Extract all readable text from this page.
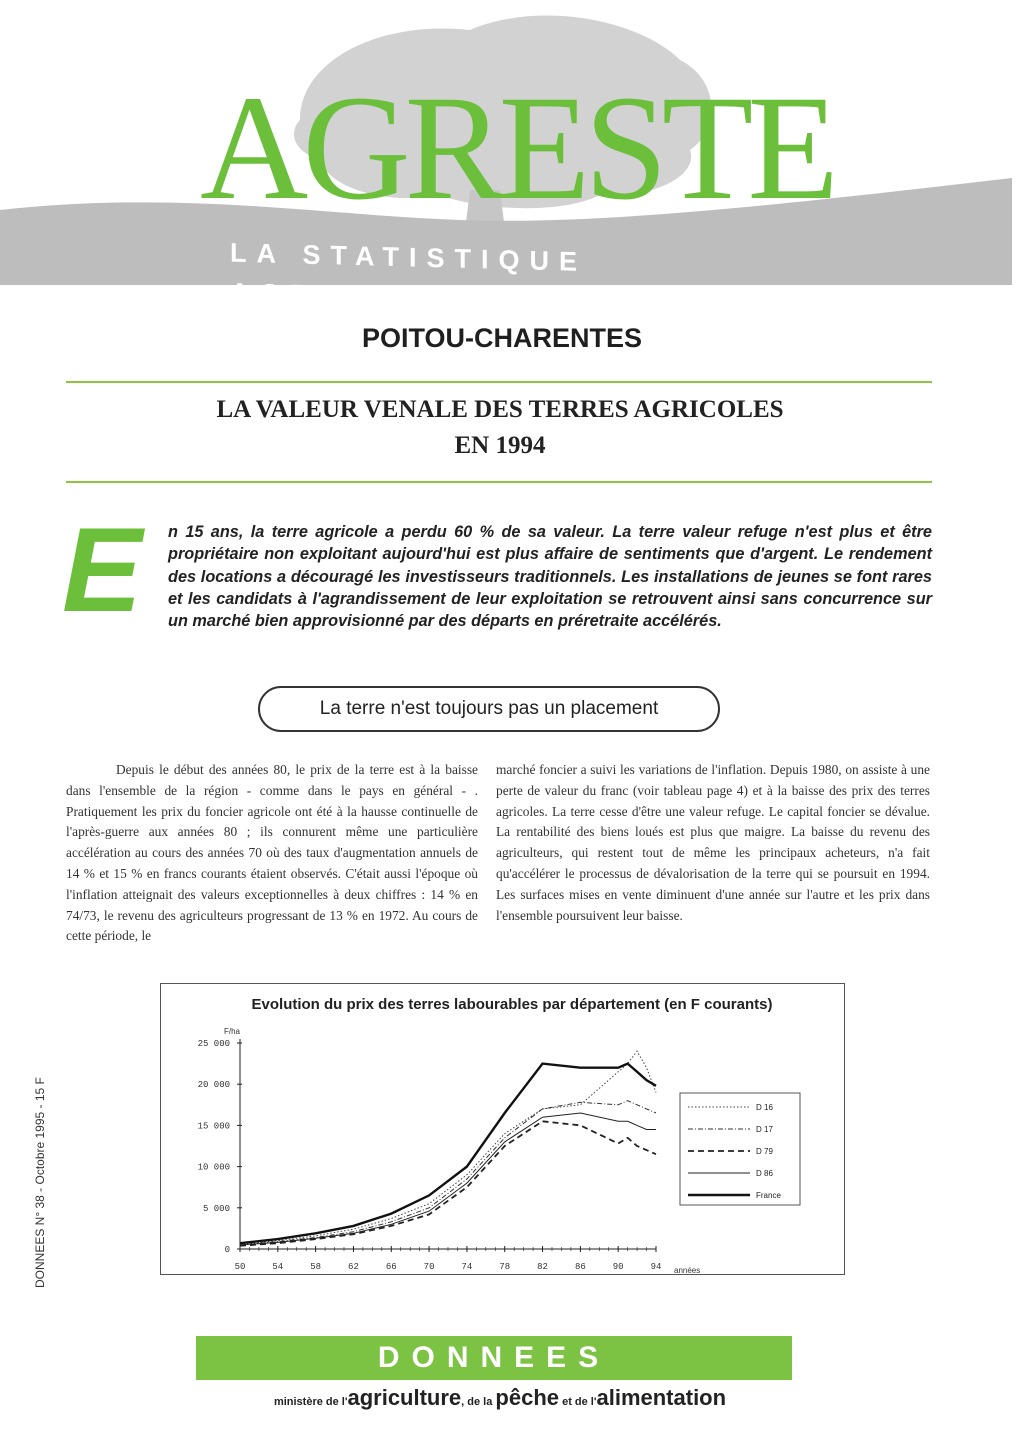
AGRESTE
LA STATISTIQUE AGRICOLE
POITOU-CHARENTES
LA VALEUR VENALE DES TERRES AGRICOLES
EN 1994
E	n 15 ans, la terre agricole a perdu 60 % de sa valeur. La terre valeur refuge n'est plus et être propriétaire non exploitant aujourd'hui est plus affaire de sentiments que d'argent. Le rendement des locations a découragé les investisseurs traditionnels. Les installations de jeunes se font rares et les candidats à l'agrandissement de leur exploitation se retrouvent ainsi sans concurrence sur un marché bien approvisionné par des départs en préretraite accélérés.
La terre n'est toujours pas un placement

Depuis le début des années 80, le prix de la terre est à la baisse dans l'ensemble de la région - comme dans le pays en général - . Pratiquement les prix du foncier agricole ont été à la hausse continuelle de l'après-guerre aux années 80 ; ils connurent même une particulière accélération au cours des années 70 où des taux d'augmentation annuels de 14 % et 15 % en francs courants étaient observés. C'était aussi l'époque où l'inflation atteignait des valeurs exceptionnelles à deux chiffres : 14 % en 74/73, le revenu des agriculteurs progressant de 13 % en 1972. Au cours de cette période, le

marché foncier a suivi les variations de l'inflation. Depuis 1980, on assiste à une perte de valeur du franc (voir tableau page 4) et à la baisse des prix des terres agricoles. La terre cesse d'être une valeur refuge. Le capital foncier se dévalue. La rentabilité des biens loués est plus que maigre. La baisse du revenu des agriculteurs, qui restent tout de même les principaux acheteurs, n'a fait qu'accélérer le processus de dévalorisation de la terre qui se poursuit en 1994. Les surfaces mises en vente diminuent d'une année sur l'autre et les prix dans l'ensemble poursuivent leur baisse.

Evolution du prix des terres labourables par département (en F courants)
F/ha
années
0
5 000
10 000
15 000
20 000
25 000
50	54	58	62	66	70	74	78	82	86	90	94
D 16
D 17
D 79
D 86
France
DONNEES N° 38 - Octobre 1995 - 15 F
DONNEES
ministère de l'agriculture, de la pêche et de l'alimentation
